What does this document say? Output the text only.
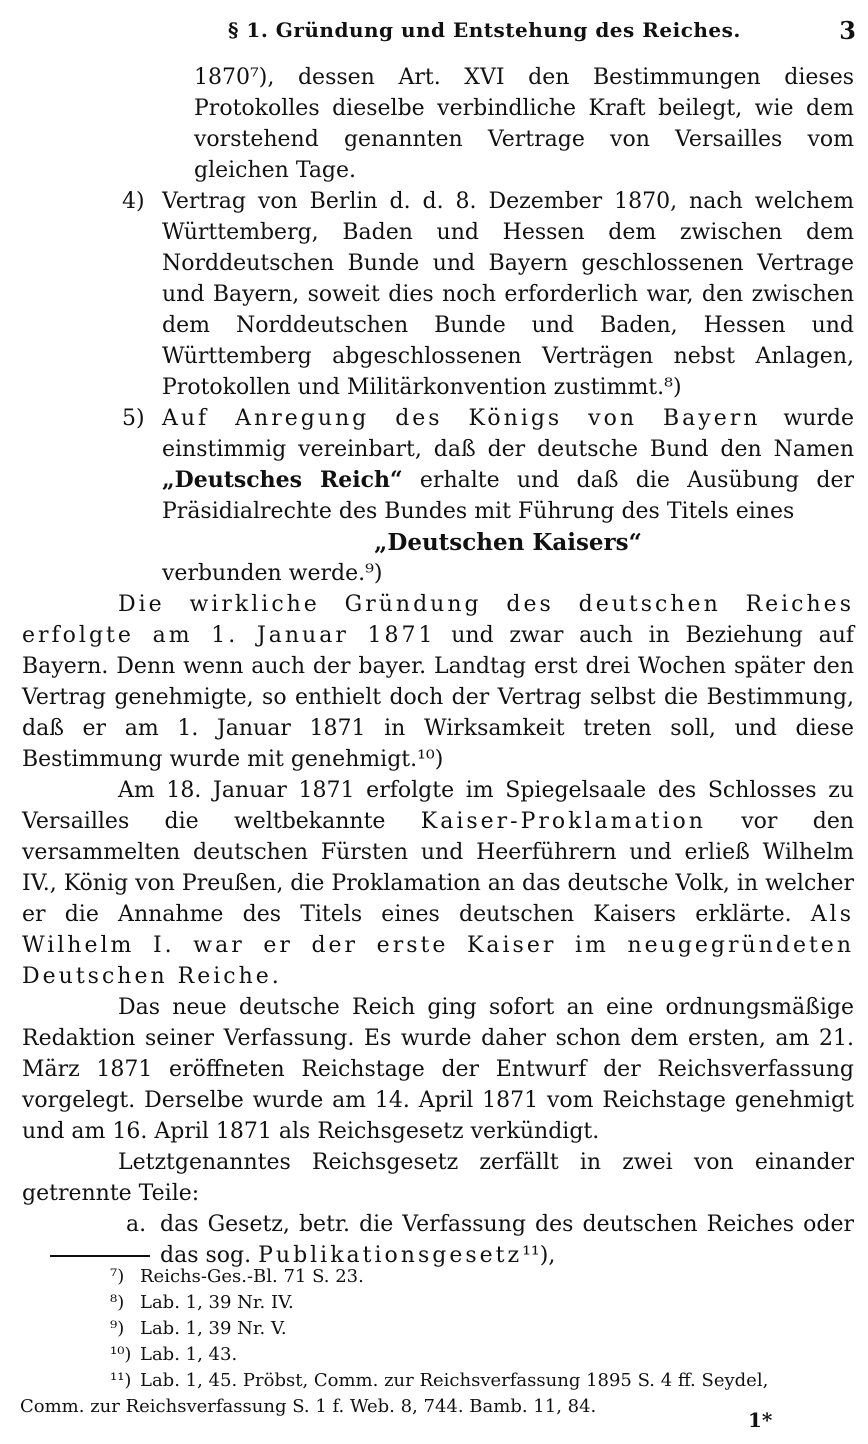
§ 1. Gründung und Entstehung des Reiches.	3

1870⁷), dessen Art. XVI den Bestimmungen dieses Protokolles dieselbe verbindliche Kraft beilegt, wie dem vorstehend genannten Vertrage von Versailles vom gleichen Tage.

4) Vertrag von Berlin d. d. 8. Dezember 1870, nach welchem Württemberg, Baden und Hessen dem zwischen dem Norddeutschen Bunde und Bayern geschlossenen Vertrage und Bayern, soweit dies noch erforderlich war, den zwischen dem Norddeutschen Bunde und Baden, Hessen und Württemberg abgeschlossenen Verträgen nebst Anlagen, Protokollen und Militärkonvention zustimmt.⁸)

5) Auf Anregung des Königs von Bayern wurde einstimmig vereinbart, daß der deutsche Bund den Namen „Deutsches Reich“ erhalte und daß die Ausübung der Präsidialrechte des Bundes mit Führung des Titels eines

„Deutschen Kaisers“

verbunden werde.⁹)

Die wirkliche Gründung des deutschen Reiches erfolgte am 1. Januar 1871 und zwar auch in Beziehung auf Bayern. Denn wenn auch der bayer. Landtag erst drei Wochen später den Vertrag genehmigte, so enthielt doch der Vertrag selbst die Bestimmung, daß er am 1. Januar 1871 in Wirksamkeit treten soll, und diese Bestimmung wurde mit genehmigt.¹⁰)

Am 18. Januar 1871 erfolgte im Spiegelsaale des Schlosses zu Versailles die weltbekannte Kaiser-Proklamation vor den versammelten deutschen Fürsten und Heerführern und erließ Wilhelm IV., König von Preußen, die Proklamation an das deutsche Volk, in welcher er die Annahme des Titels eines deutschen Kaisers erklärte. Als Wilhelm I. war er der erste Kaiser im neugegründeten Deutschen Reiche.

Das neue deutsche Reich ging sofort an eine ordnungsmäßige Redaktion seiner Verfassung. Es wurde daher schon dem ersten, am 21. März 1871 eröffneten Reichstage der Entwurf der Reichsverfassung vorgelegt. Derselbe wurde am 14. April 1871 vom Reichstage genehmigt und am 16. April 1871 als Reichsgesetz verkündigt.

Letztgenanntes Reichsgesetz zerfällt in zwei von einander getrennte Teile:

a. das Gesetz, betr. die Verfassung des deutschen Reiches oder das sog. Publikationsgesetz¹¹),

⁷) Reichs-Ges.-Bl. 71 S. 23.

⁸) Lab. 1, 39 Nr. IV.

⁹) Lab. 1, 39 Nr. V.

¹⁰) Lab. 1, 43.

¹¹) Lab. 1, 45. Pröbst, Comm. zur Reichsverfassung 1895 S. 4 ff. Seydel,

Comm. zur Reichsverfassung S. 1 f. Web. 8, 744. Bamb. 11, 84.

1*
